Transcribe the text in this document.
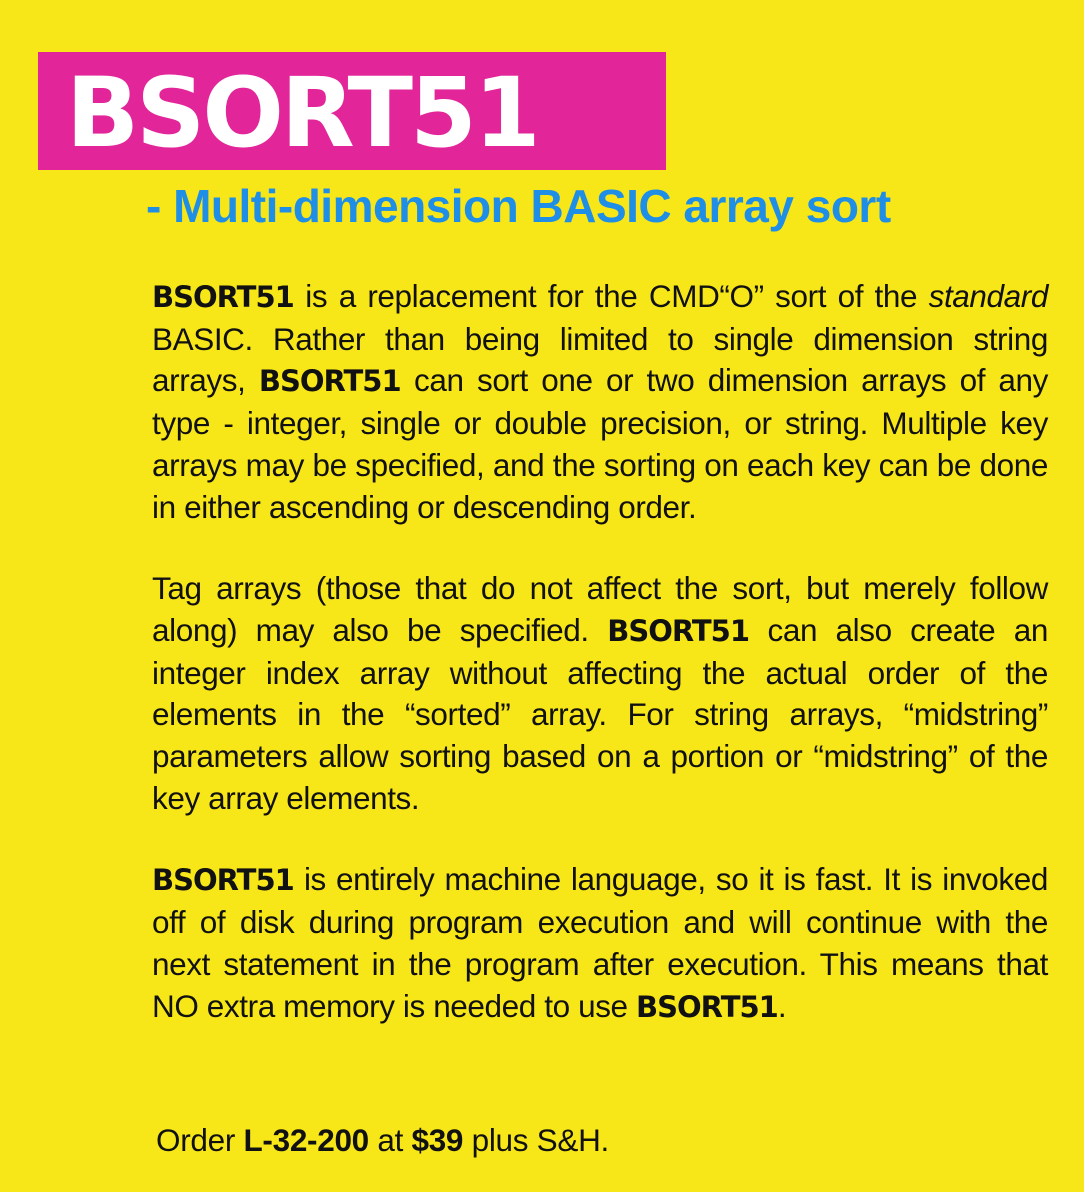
BSORT51
- Multi-dimension BASIC array sort

BSORT51 is a replacement for the CMD“O” sort of the standard BASIC. Rather than being limited to single dimension string arrays, BSORT51 can sort one or two dimension arrays of any type - integer, single or double precision, or string. Multiple key arrays may be specified, and the sorting on each key can be done in either ascending or descending order.

Tag arrays (those that do not affect the sort, but merely follow along) may also be specified. BSORT51 can also create an integer index array without affecting the actual order of the elements in the “sorted” array. For string arrays, “midstring” parameters allow sorting based on a portion or “midstring” of the key array elements.

BSORT51 is entirely machine language, so it is fast. It is invoked off of disk during program execution and will continue with the next statement in the program after execution. This means that NO extra memory is needed to use BSORT51.

Order L-32-200 at $39 plus S&H.
